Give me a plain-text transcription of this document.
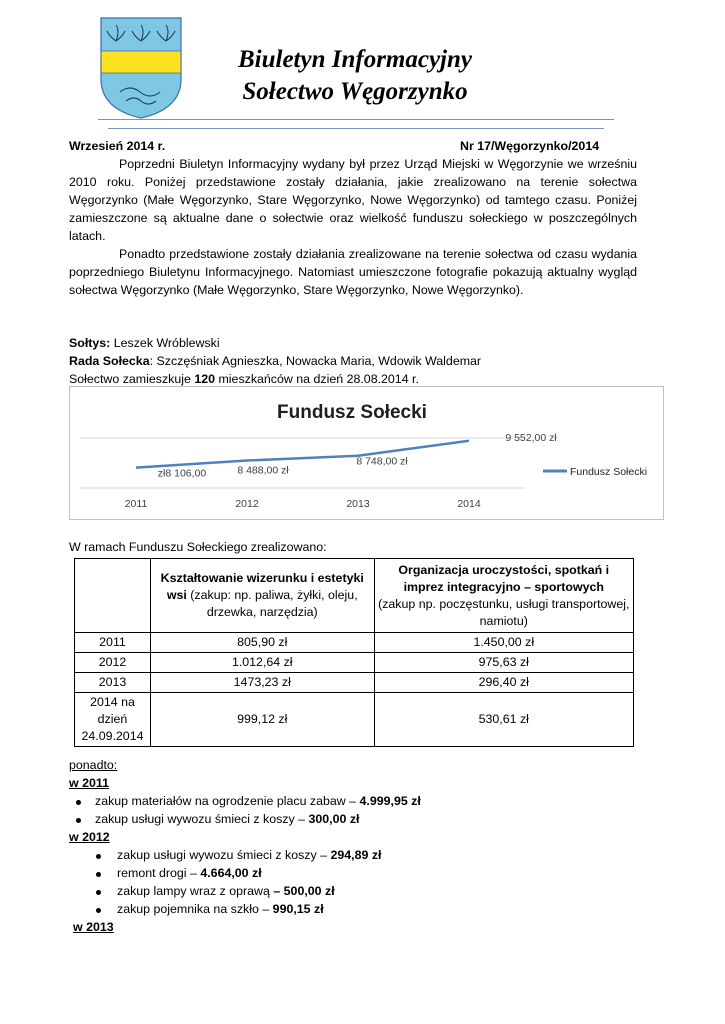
Biuletyn Informacyjny
Sołectwo Węgorzynko
Wrzesień 2014 r.	Nr 17/Węgorzynko/2014
Poprzedni Biuletyn Informacyjny wydany był przez Urząd Miejski w Węgorzynie we wrześniu 2010 roku. Poniżej przedstawione zostały działania, jakie zrealizowano na terenie sołectwa Węgorzynko (Małe Węgorzynko, Stare Węgorzynko, Nowe Węgorzynko) od tamtego czasu. Poniżej zamieszczone są aktualne dane o sołectwie oraz wielkość funduszu sołeckiego w poszczególnych latach.
Ponadto przedstawione zostały działania zrealizowane na terenie sołectwa od czasu wydania poprzedniego Biuletynu Informacyjnego. Natomiast umieszczone fotografie pokazują aktualny wygląd sołectwa Węgorzynko (Małe Węgorzynko, Stare Węgorzynko, Nowe Węgorzynko).
Sołtys: Leszek Wróblewski
Rada Sołecka: Szczęśniak Agnieszka, Nowacka Maria, Wdowik Waldemar
Sołectwo zamieszkuje 120 mieszkańców na dzień 28.08.2014 r.
Fundusz Sołecki
zł8 106,00	8 488,00 zł
8 748,00 zł
9 552,00 zł
2011	2012	2013	2014
Fundusz Sołecki
W ramach Funduszu Sołeckiego zrealizowano:
	Kształtowanie wizerunku i estetyki wsi (zakup: np. paliwa, żyłki, oleju, drzewka, narzędzia)	Organizacja uroczystości, spotkań i imprez integracyjno – sportowych
(zakup np. poczęstunku, usługi transportowej, namiotu)
2011	805,90 zł	1.450,00 zł
2012	1.012,64 zł	975,63 zł
2013	1473,23 zł	296,40 zł
2014 na
dzień
24.09.2014	999,12 zł	530,61 zł
ponadto:
w 2011
zakup materiałów na ogrodzenie placu zabaw – 4.999,95 zł
zakup usługi wywozu śmieci z koszy – 300,00 zł
w 2012
zakup usługi wywozu śmieci z koszy – 294,89 zł
remont drogi – 4.664,00 zł
zakup lampy wraz z oprawą – 500,00 zł
zakup pojemnika na szkło – 990,15 zł
w 2013
